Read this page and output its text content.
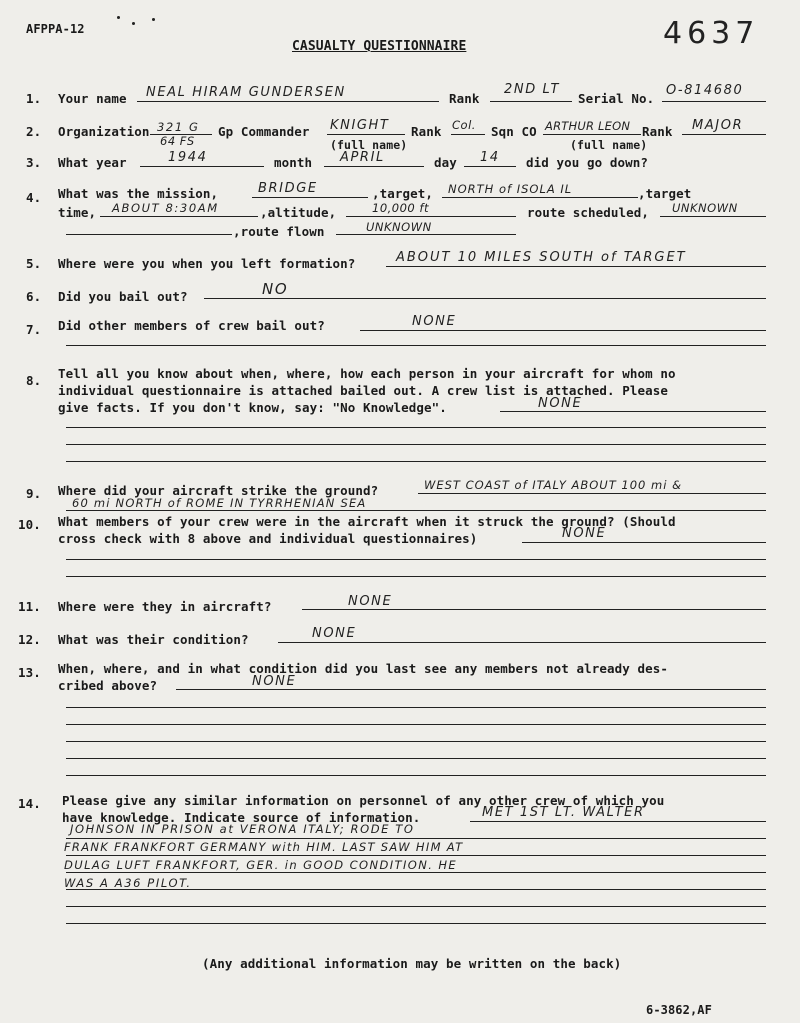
AFPPA-12	4637
CASUALTY QUESTIONNAIRE
1. Your name NEAL HIRAM GUNDERSEN	Rank
2ND LT
Serial No.
O-814680
2. Organization 321 G
64 FS
Gp Commander KNIGHT
(full name)
Rank Col. Sqn CO ARTHUR LEON Rank MAJOR
(full name)
3. What year	1944	month APRIL	day 14 did you go down?
4. What was the mission,	BRIDGE	,target, NORTH of ISOLA IL	,target
time, ABOUT 8:30AM	,altitude,	10,000 ft	route scheduled, UNKNOWN
,route flown	UNKNOWN
5. Where were you when you left formation?	ABOUT 10 MILES SOUTH of TARGET
6. Did you bail out?	NO
7. Did other members of crew bail out?	NONE
8. Tell all you know about when, where, how each person in your aircraft for whom no
individual questionnaire is attached bailed out. A crew list is attached. Please
give facts. If you don't know, say: "No Knowledge".	NONE
9. Where did your aircraft strike the ground?	WEST COAST of ITALY ABOUT 100 mi &
60 mi NORTH of ROME IN TYRRHENIAN SEA
10. What members of your crew were in the aircraft when it struck the ground? (Should
cross check with 8 above and individual questionnaires)	NONE
11. Where were they in aircraft?	NONE
12. What was their condition?	NONE
13. When, where, and in what condition did you last see any members not already des-
cribed above?	NONE
14. Please give any similar information on personnel of any other crew of which you
have knowledge. Indicate source of information.	MET 1ST LT. WALTER
JOHNSON IN PRISON at VERONA ITALY; RODE TO
FRANK FRANKFORT GERMANY with HIM. LAST SAW HIM AT
DULAG LUFT FRANKFORT, GER. in GOOD CONDITION. HE
WAS A A36 PILOT.
(Any additional information may be written on the back)
6-3862,AF
